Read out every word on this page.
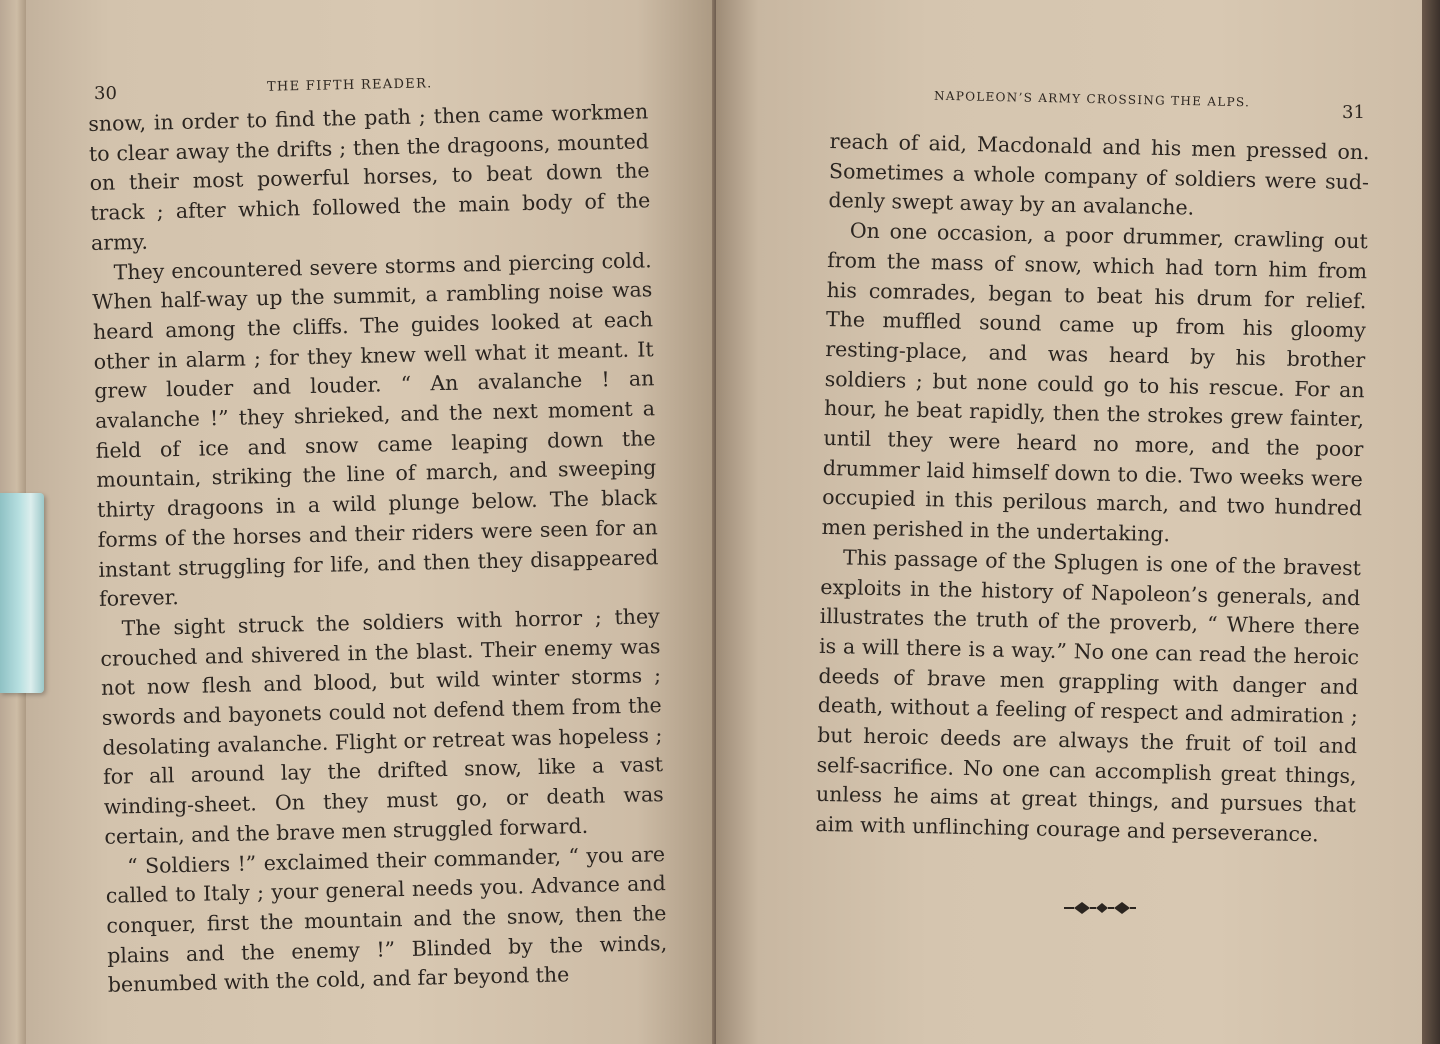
30	THE FIFTH READER.

snow, in order to find the path ; then came workmen to clear away the drifts ; then the dragoons, mounted on their most powerful horses, to beat down the track ; after which followed the main body of the army.

They encountered severe storms and piercing cold. When half-way up the summit, a rambling noise was heard among the cliffs. The guides looked at each other in alarm ; for they knew well what it meant. It grew louder and louder. “ An avalanche ! an avalanche !” they shrieked, and the next moment a field of ice and snow came leaping down the mountain, striking the line of march, and sweeping thirty dragoons in a wild plunge below. The black forms of the horses and their riders were seen for an instant struggling for life, and then they disappeared forever.

The sight struck the soldiers with horror ; they crouched and shivered in the blast. Their enemy was not now flesh and blood, but wild winter storms ; swords and bayonets could not defend them from the desolating avalanche. Flight or retreat was hopeless ; for all around lay the drifted snow, like a vast winding-sheet. On they must go, or death was certain, and the brave men struggled forward.

“ Soldiers !” exclaimed their commander, “ you are called to Italy ; your general needs you. Advance and conquer, first the mountain and the snow, then the plains and the enemy !” Blinded by the winds, benumbed with the cold, and far beyond the

NAPOLEON’S ARMY CROSSING THE ALPS.
31

reach of aid, Macdonald and his men pressed on. Sometimes a whole company of soldiers were suddenly swept away by an avalanche.

On one occasion, a poor drummer, crawling out from the mass of snow, which had torn him from his comrades, began to beat his drum for relief. The muffled sound came up from his gloomy resting-place, and was heard by his brother soldiers ; but none could go to his rescue. For an hour, he beat rapidly, then the strokes grew fainter, until they were heard no more, and the poor drummer laid himself down to die. Two weeks were occupied in this perilous march, and two hundred men perished in the undertaking.

This passage of the Splugen is one of the bravest exploits in the history of Napoleon’s generals, and illustrates the truth of the proverb, “ Where there is a will there is a way.” No one can read the heroic deeds of brave men grappling with danger and death, without a feeling of respect and admiration ; but heroic deeds are always the fruit of toil and self-sacrifice. No one can accomplish great things, unless he aims at great things, and pursues that aim with unflinching courage and perseverance.
